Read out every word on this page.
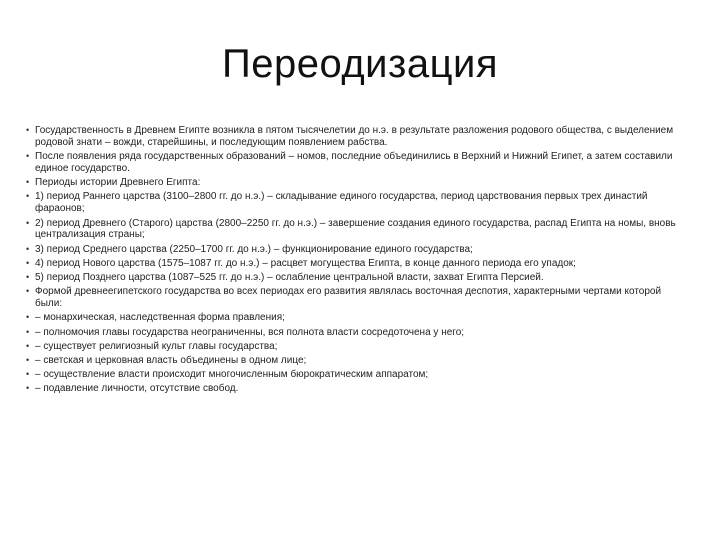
Переодизация
• Государственность в Древнем Египте возникла в пятом тысячелетии до н.э. в результате разложения родового общества, с выделением родовой знати – вожди, старейшины, и последующим появлением рабства.
• После появления ряда государственных образований – номов, последние объединились в Верхний и Нижний Египет, а затем составили единое государство.
• Периоды истории Древнего Египта:
• 1) период Раннего царства (3100–2800 гг. до н.э.) – складывание единого государства, период царствования первых трех династий фараонов;
• 2) период Древнего (Старого) царства (2800–2250 гг. до н.э.) – завершение создания единого государства, распад Египта на номы, вновь централизация страны;
• 3) период Среднего царства (2250–1700 гг. до н.э.) – функционирование единого государства;
• 4) период Нового царства (1575–1087 гг. до н.э.) – расцвет могущества Египта, в конце данного периода его упадок;
• 5) период Позднего царства (1087–525 гг. до н.э.) – ослабление центральной власти, захват Египта Персией.
• Формой древнеегипетского государства во всех периодах его развития являлась восточная деспотия, характерными чертами которой были:
• – монархическая, наследственная форма правления;
• – полномочия главы государства неограниченны, вся полнота власти сосредоточена у него;
• – существует религиозный культ главы государства;
• – светская и церковная власть объединены в одном лице;
• – осуществление власти происходит многочисленным бюрократическим аппаратом;
• – подавление личности, отсутствие свобод.
